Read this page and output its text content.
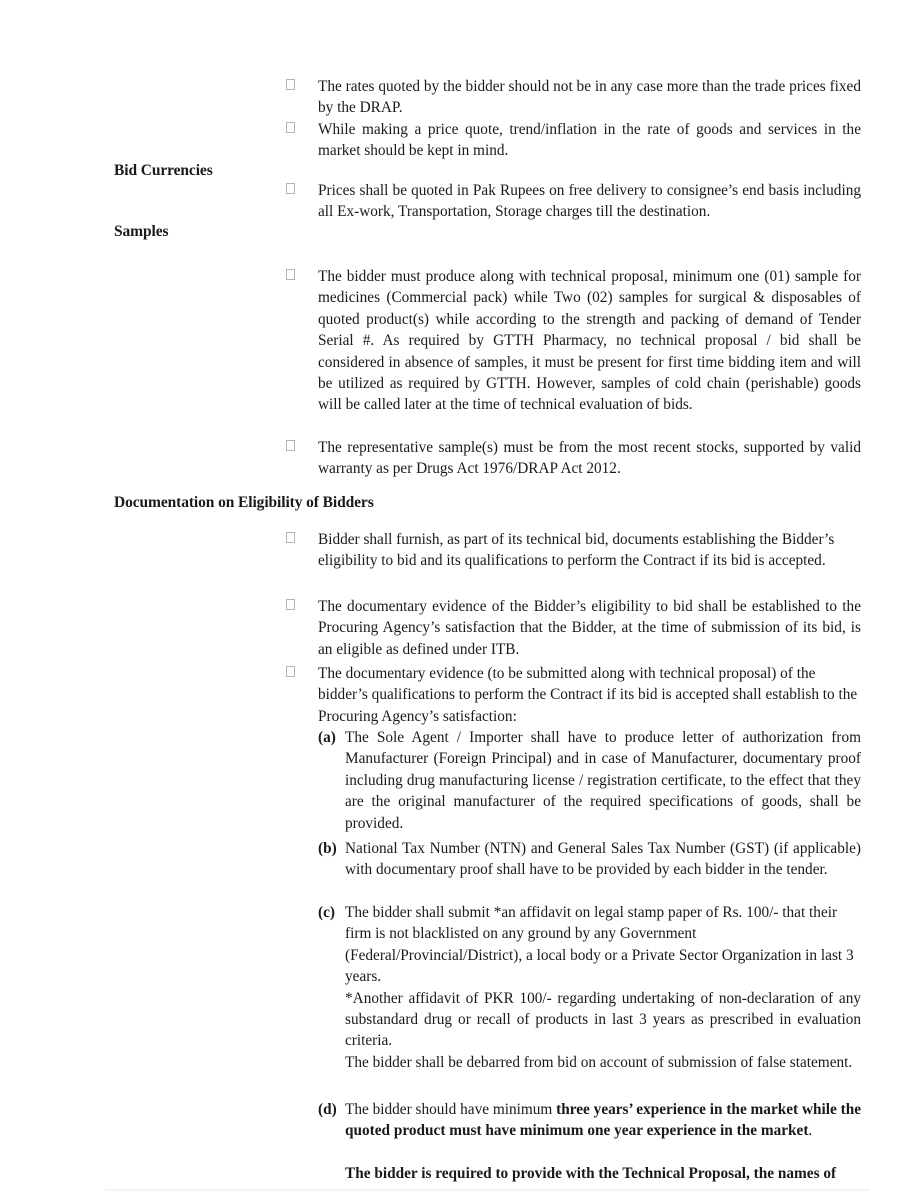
The rates quoted by the bidder should not be in any case more than the trade prices fixed by the DRAP.
While making a price quote, trend/inflation in the rate of goods and services in the market should be kept in mind.
Bid Currencies
Prices shall be quoted in Pak Rupees on free delivery to consignee’s end basis including all Ex-work, Transportation, Storage charges till the destination.
Samples
The bidder must produce along with technical proposal, minimum one (01) sample for medicines (Commercial pack) while Two (02) samples for surgical & disposables of quoted product(s) while according to the strength and packing of demand of Tender Serial #. As required by GTTH Pharmacy, no technical proposal / bid shall be considered in absence of samples, it must be present for first time bidding item and will be utilized as required by GTTH. However, samples of cold chain (perishable) goods will be called later at the time of technical evaluation of bids.
The representative sample(s) must be from the most recent stocks, supported by valid warranty as per Drugs Act 1976/DRAP Act 2012.
Documentation on Eligibility of Bidders
Bidder shall furnish, as part of its technical bid, documents establishing the Bidder’s eligibility to bid and its qualifications to perform the Contract if its bid is accepted.
The documentary evidence of the Bidder’s eligibility to bid shall be established to the Procuring Agency’s satisfaction that the Bidder, at the time of submission of its bid, is an eligible as defined under ITB.
The documentary evidence (to be submitted along with technical proposal) of the bidder’s qualifications to perform the Contract if its bid is accepted shall establish to the Procuring Agency’s satisfaction:
(a) The Sole Agent / Importer shall have to produce letter of authorization from Manufacturer (Foreign Principal) and in case of Manufacturer, documentary proof including drug manufacturing license / registration certificate, to the effect that they are the original manufacturer of the required specifications of goods, shall be provided.
(b) National Tax Number (NTN) and General Sales Tax Number (GST) (if applicable) with documentary proof shall have to be provided by each bidder in the tender.
(c) The bidder shall submit *an affidavit on legal stamp paper of Rs. 100/- that their firm is not blacklisted on any ground by any Government (Federal/Provincial/District), a local body or a Private Sector Organization in last 3 years.
*Another affidavit of PKR 100/- regarding undertaking of non-declaration of any substandard drug or recall of products in last 3 years as prescribed in evaluation criteria.
The bidder shall be debarred from bid on account of submission of false statement.
(d) The bidder should have minimum three years’ experience in the market while the quoted product must have minimum one year experience in the market.
The bidder is required to provide with the Technical Proposal, the names of
